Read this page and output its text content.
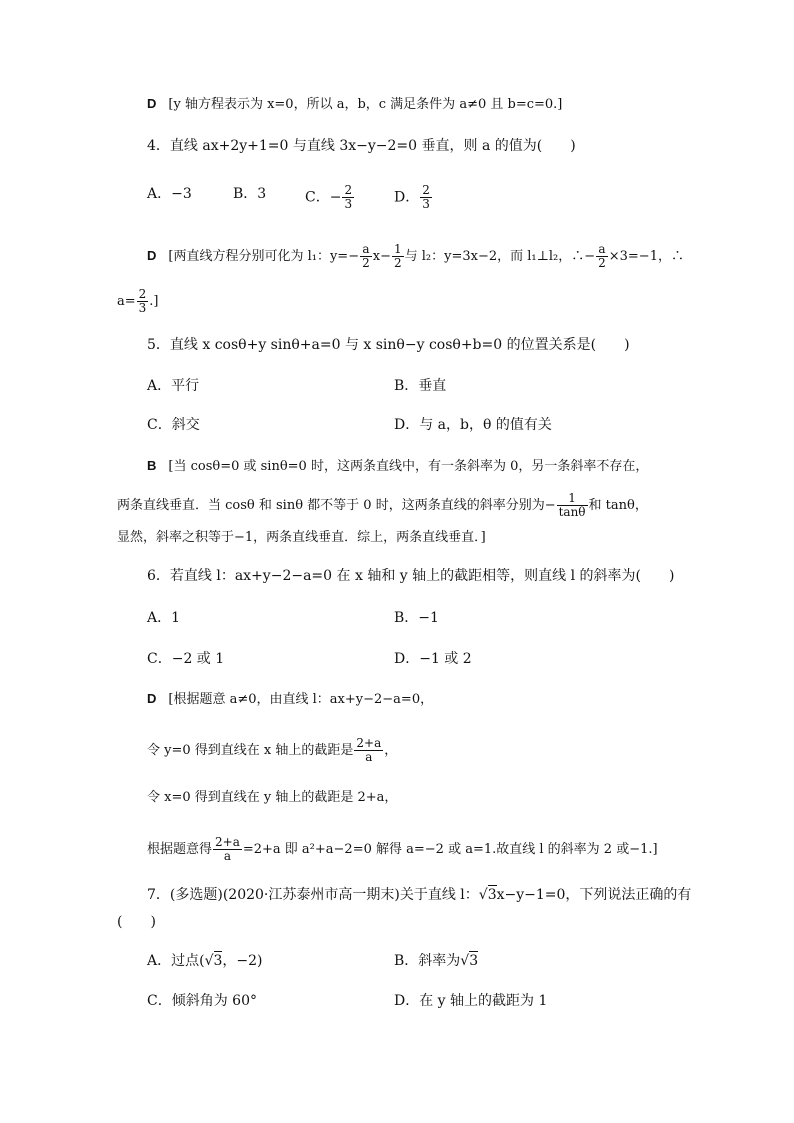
D [y 轴方程表示为 x=0，所以 a，b，c 满足条件为 a≠0 且 b=c=0.]
4．直线 ax+2y+1=0 与直线 3x−y−2=0 垂直，则 a 的值为(　　)
A．−3	B．3	C．− $\frac{2}{3}$	D． $\frac{2}{3}$
D [两直线方程分别可化为 l₁：$y=- \frac{a}{2} x- \frac{1}{2}$ 与 l₂：y=3x−2，而 l₁⊥l₂，∴− $\frac{a}{2} \times 3=-1$，∴
$a= \frac{2}{3}$ .]
5．直线 x cosθ+y sinθ+a=0 与 x sinθ−y cosθ+b=0 的位置关系是(　　)
A．平行	B．垂直
C．斜交	D．与 a，b，θ 的值有关
B [当 cosθ=0 或 sinθ=0 时，这两条直线中，有一条斜率为 0，另一条斜率不存在，
两条直线垂直．当 cosθ 和 sinθ 都不等于 0 时，这两条直线的斜率分别为− $\frac{1}{\tan\theta}$ 和 tanθ，
显然，斜率之积等于−1，两条直线垂直．综上，两条直线垂直．]
6．若直线 l：ax+y−2−a=0 在 x 轴和 y 轴上的截距相等，则直线 l 的斜率为(　　)
A．1	B．−1
C．−2 或 1	D．−1 或 2
D [根据题意 a≠0，由直线 l：ax+y−2−a=0，
令 y=0 得到直线在 x 轴上的截距是 $\frac{2+a}{a}$ ，
令 x=0 得到直线在 y 轴上的截距是 2+a，
根据题意得 $\frac{2+a}{a} =2+a$ 即 a²+a−2=0 解得 a=−2 或 a=1.故直线 l 的斜率为 2 或−1.]
7．(多选题)(2020·江苏泰州市高一期末)关于直线 l：√3x−y−1=0，下列说法正确的有
(　　)
A．过点(√3，−2)	B．斜率为√3
C．倾斜角为 60°	D．在 y 轴上的截距为 1
